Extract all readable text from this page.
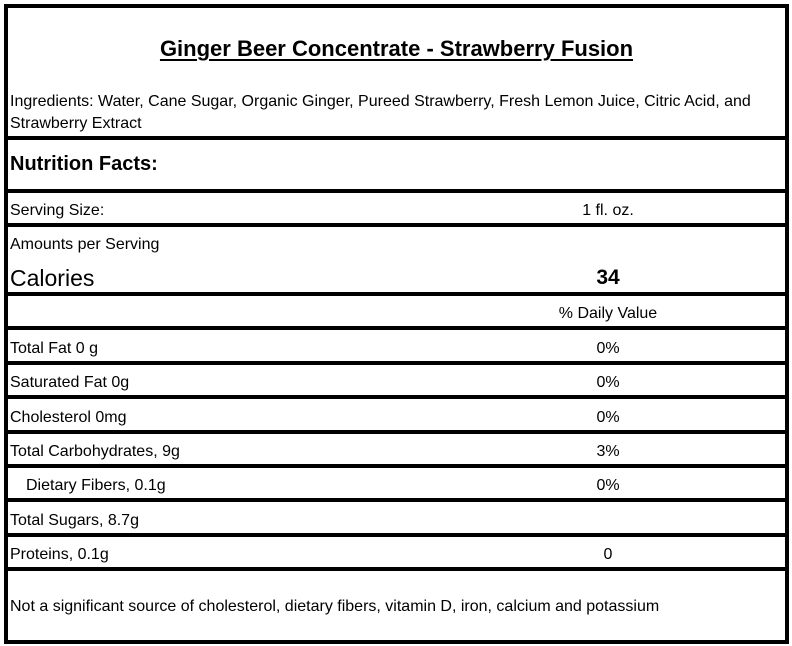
Ginger Beer Concentrate - Strawberry Fusion
Ingredients: Water, Cane Sugar, Organic Ginger, Pureed Strawberry, Fresh Lemon Juice, Citric Acid, and Strawberry Extract
Nutrition Facts:
Serving Size:	1 fl. oz.
Amounts per Serving
Calories	34
% Daily Value
Total Fat 0 g	0%
Saturated Fat 0g	0%
Cholesterol 0mg	0%
Total Carbohydrates, 9g	3%
Dietary Fibers, 0.1g	0%
Total Sugars, 8.7g
Proteins, 0.1g	0
Not a significant source of cholesterol, dietary fibers, vitamin D, iron, calcium and potassium
